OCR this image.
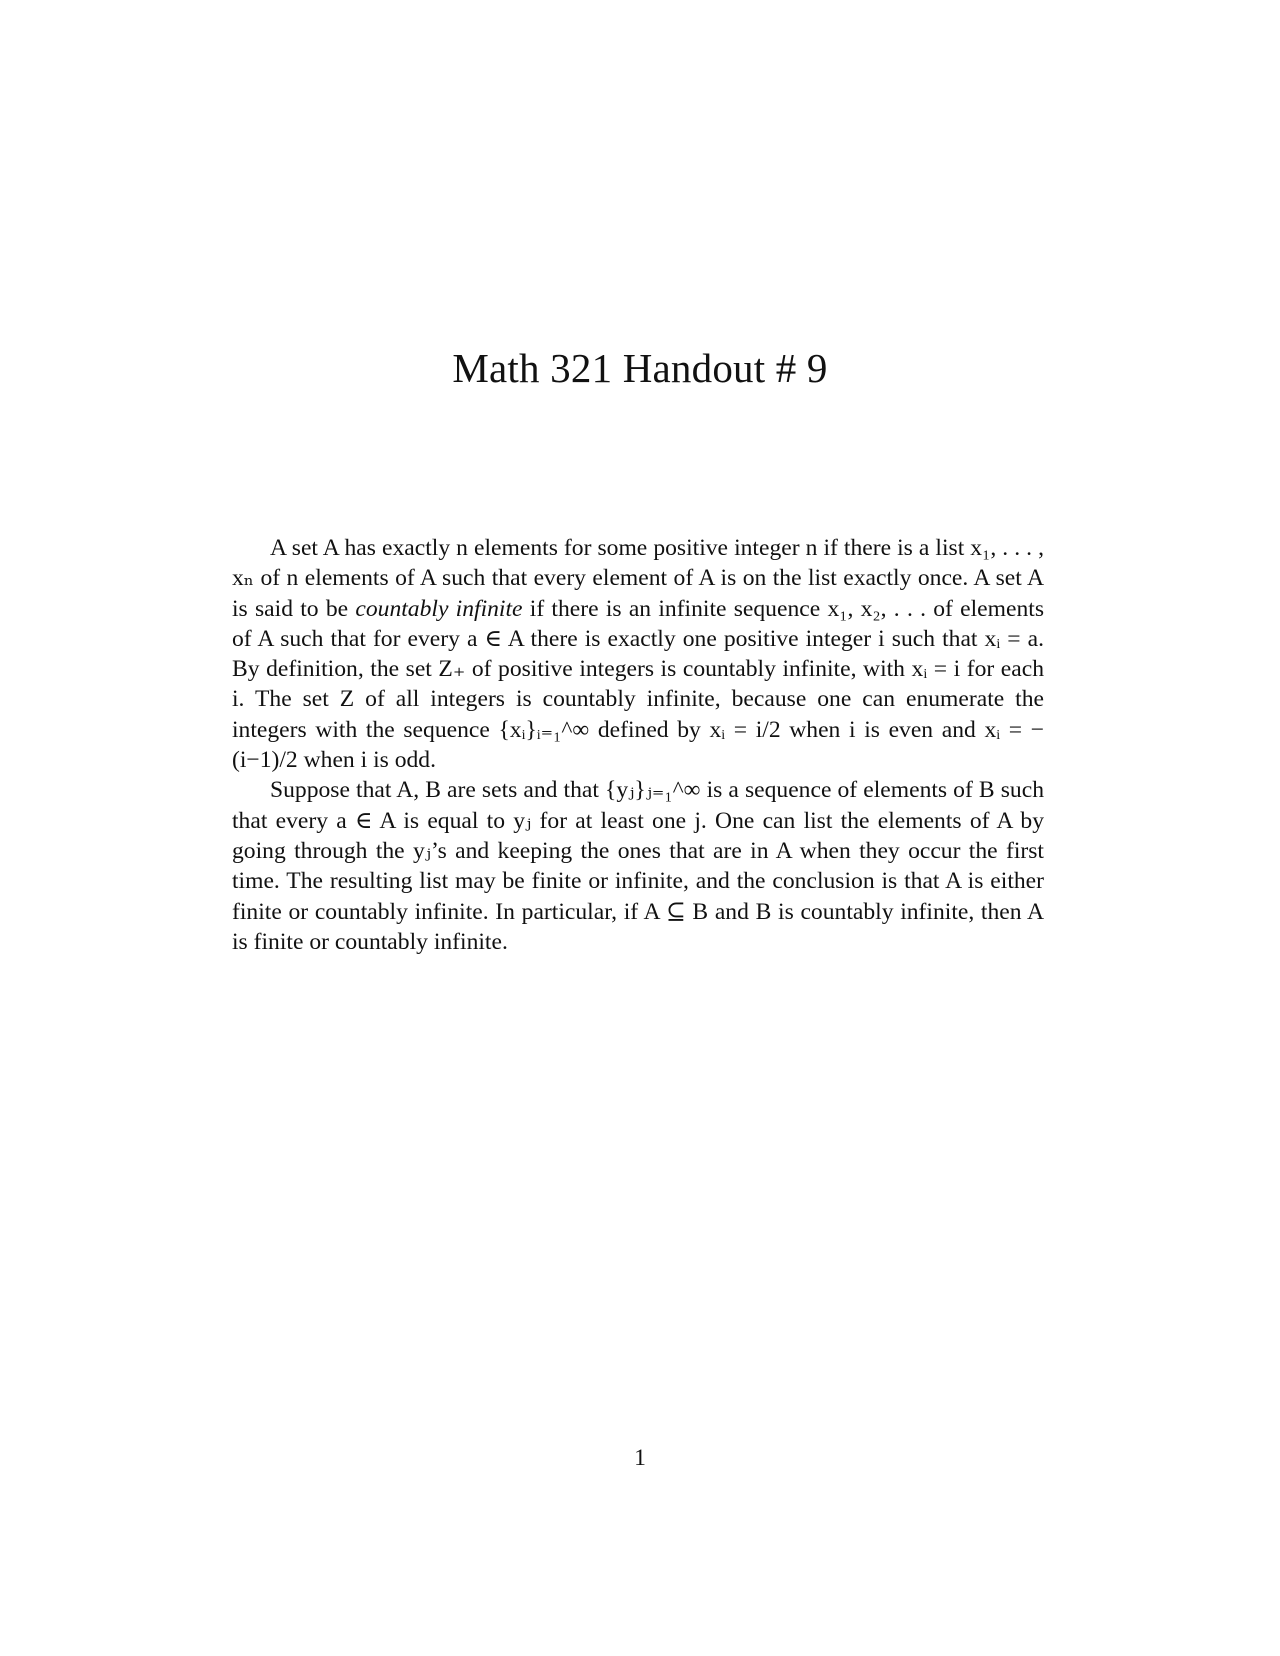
Math 321 Handout # 9

A set A has exactly n elements for some positive integer n if there is a list x₁, . . . , xₙ of n elements of A such that every element of A is on the list exactly once. A set A is said to be countably infinite if there is an infinite sequence x₁, x₂, . . . of elements of A such that for every a ∈ A there is exactly one positive integer i such that xᵢ = a. By definition, the set Z₊ of positive integers is countably infinite, with xᵢ = i for each i. The set Z of all integers is countably infinite, because one can enumerate the integers with the sequence {xᵢ}ᵢ₌₁^∞ defined by xᵢ = i/2 when i is even and xᵢ = −(i−1)/2 when i is odd.

Suppose that A, B are sets and that {yⱼ}ⱼ₌₁^∞ is a sequence of elements of B such that every a ∈ A is equal to yⱼ for at least one j. One can list the elements of A by going through the yⱼ’s and keeping the ones that are in A when they occur the first time. The resulting list may be finite or infinite, and the conclusion is that A is either finite or countably infinite. In particular, if A ⊆ B and B is countably infinite, then A is finite or countably infinite.

1
